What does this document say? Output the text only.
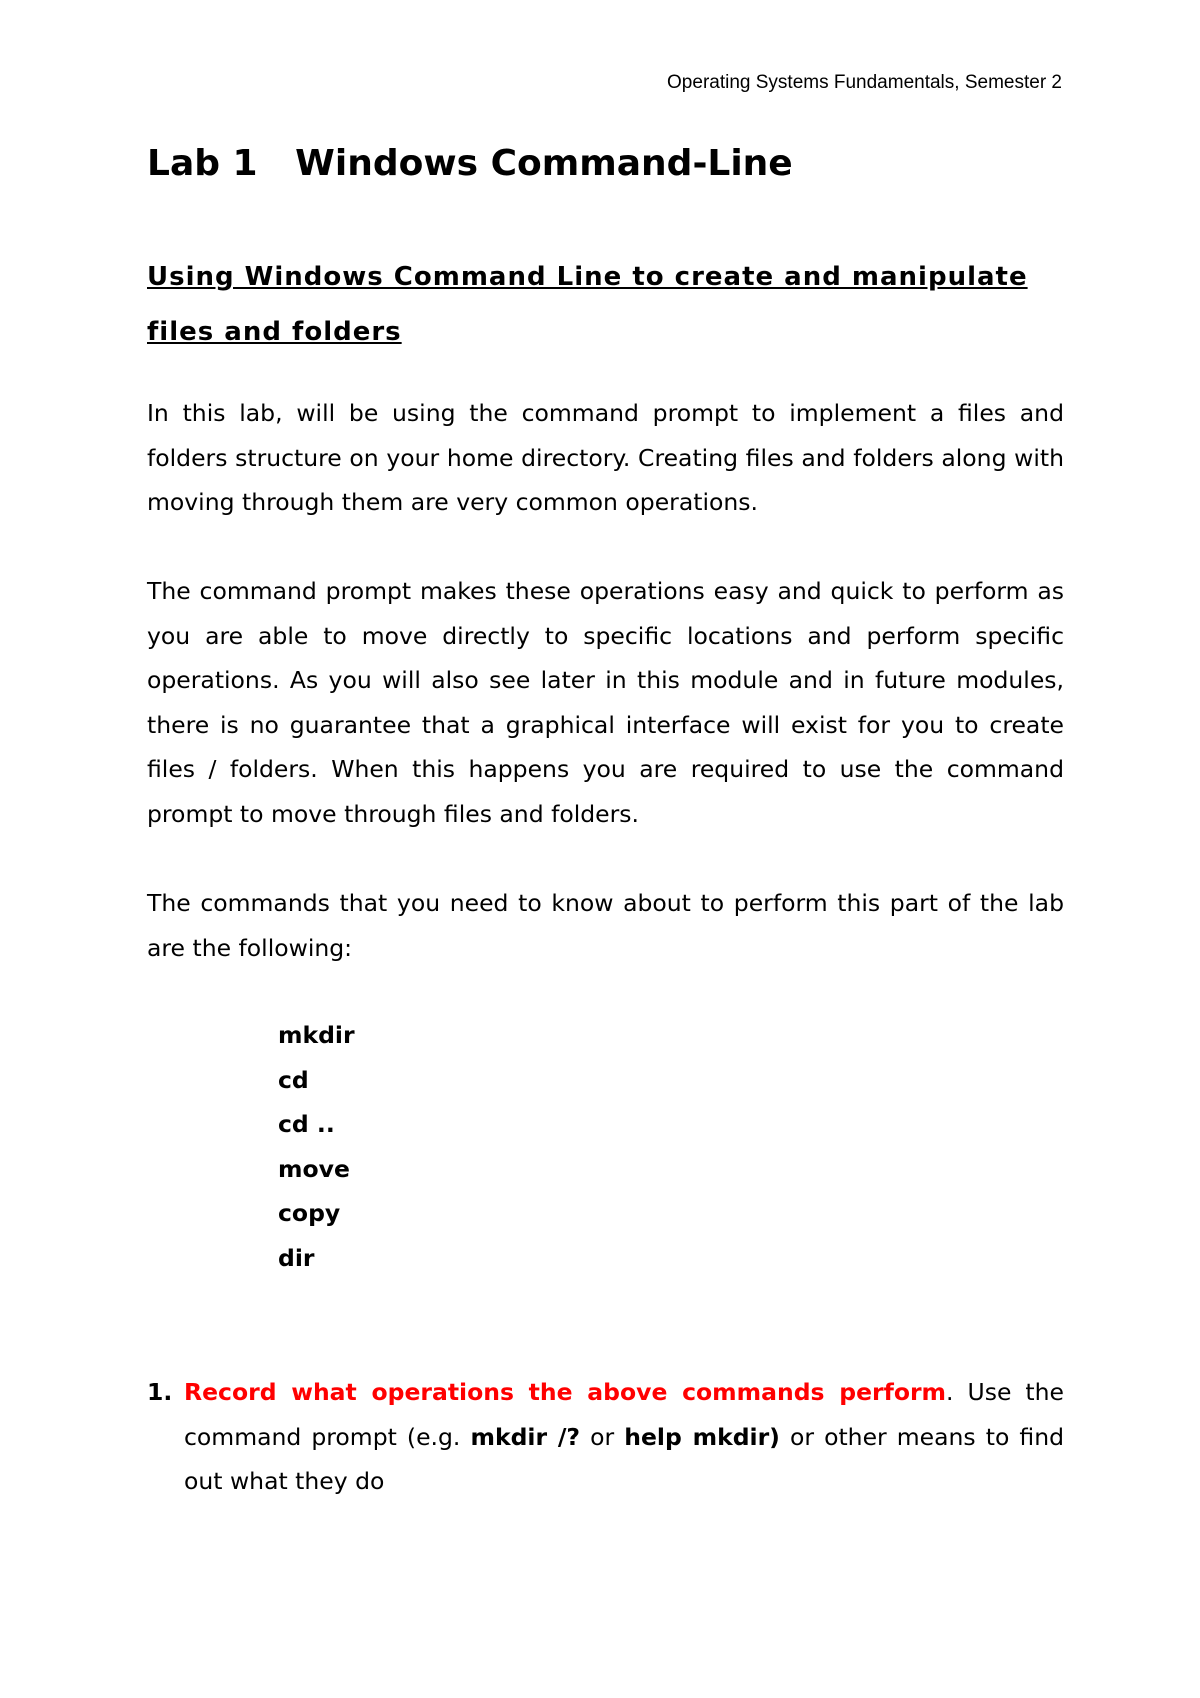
Operating Systems Fundamentals, Semester 2
Lab 1   Windows Command-Line
Using Windows Command Line to create and manipulate files and folders

In this lab, will be using the command prompt to implement a files and folders structure on your home directory. Creating files and folders along with moving through them are very common operations.

The command prompt makes these operations easy and quick to perform as you are able to move directly to specific locations and perform specific operations. As you will also see later in this module and in future modules, there is no guarantee that a graphical interface will exist for you to create files / folders. When this happens you are required to use the command prompt to move through files and folders.

The commands that you need to know about to perform this part of the lab are the following:

mkdir
cd
cd ..
move
copy
dir
1. Record what operations the above commands perform. Use the command prompt (e.g. mkdir /? or help mkdir) or other means to find out what they do
